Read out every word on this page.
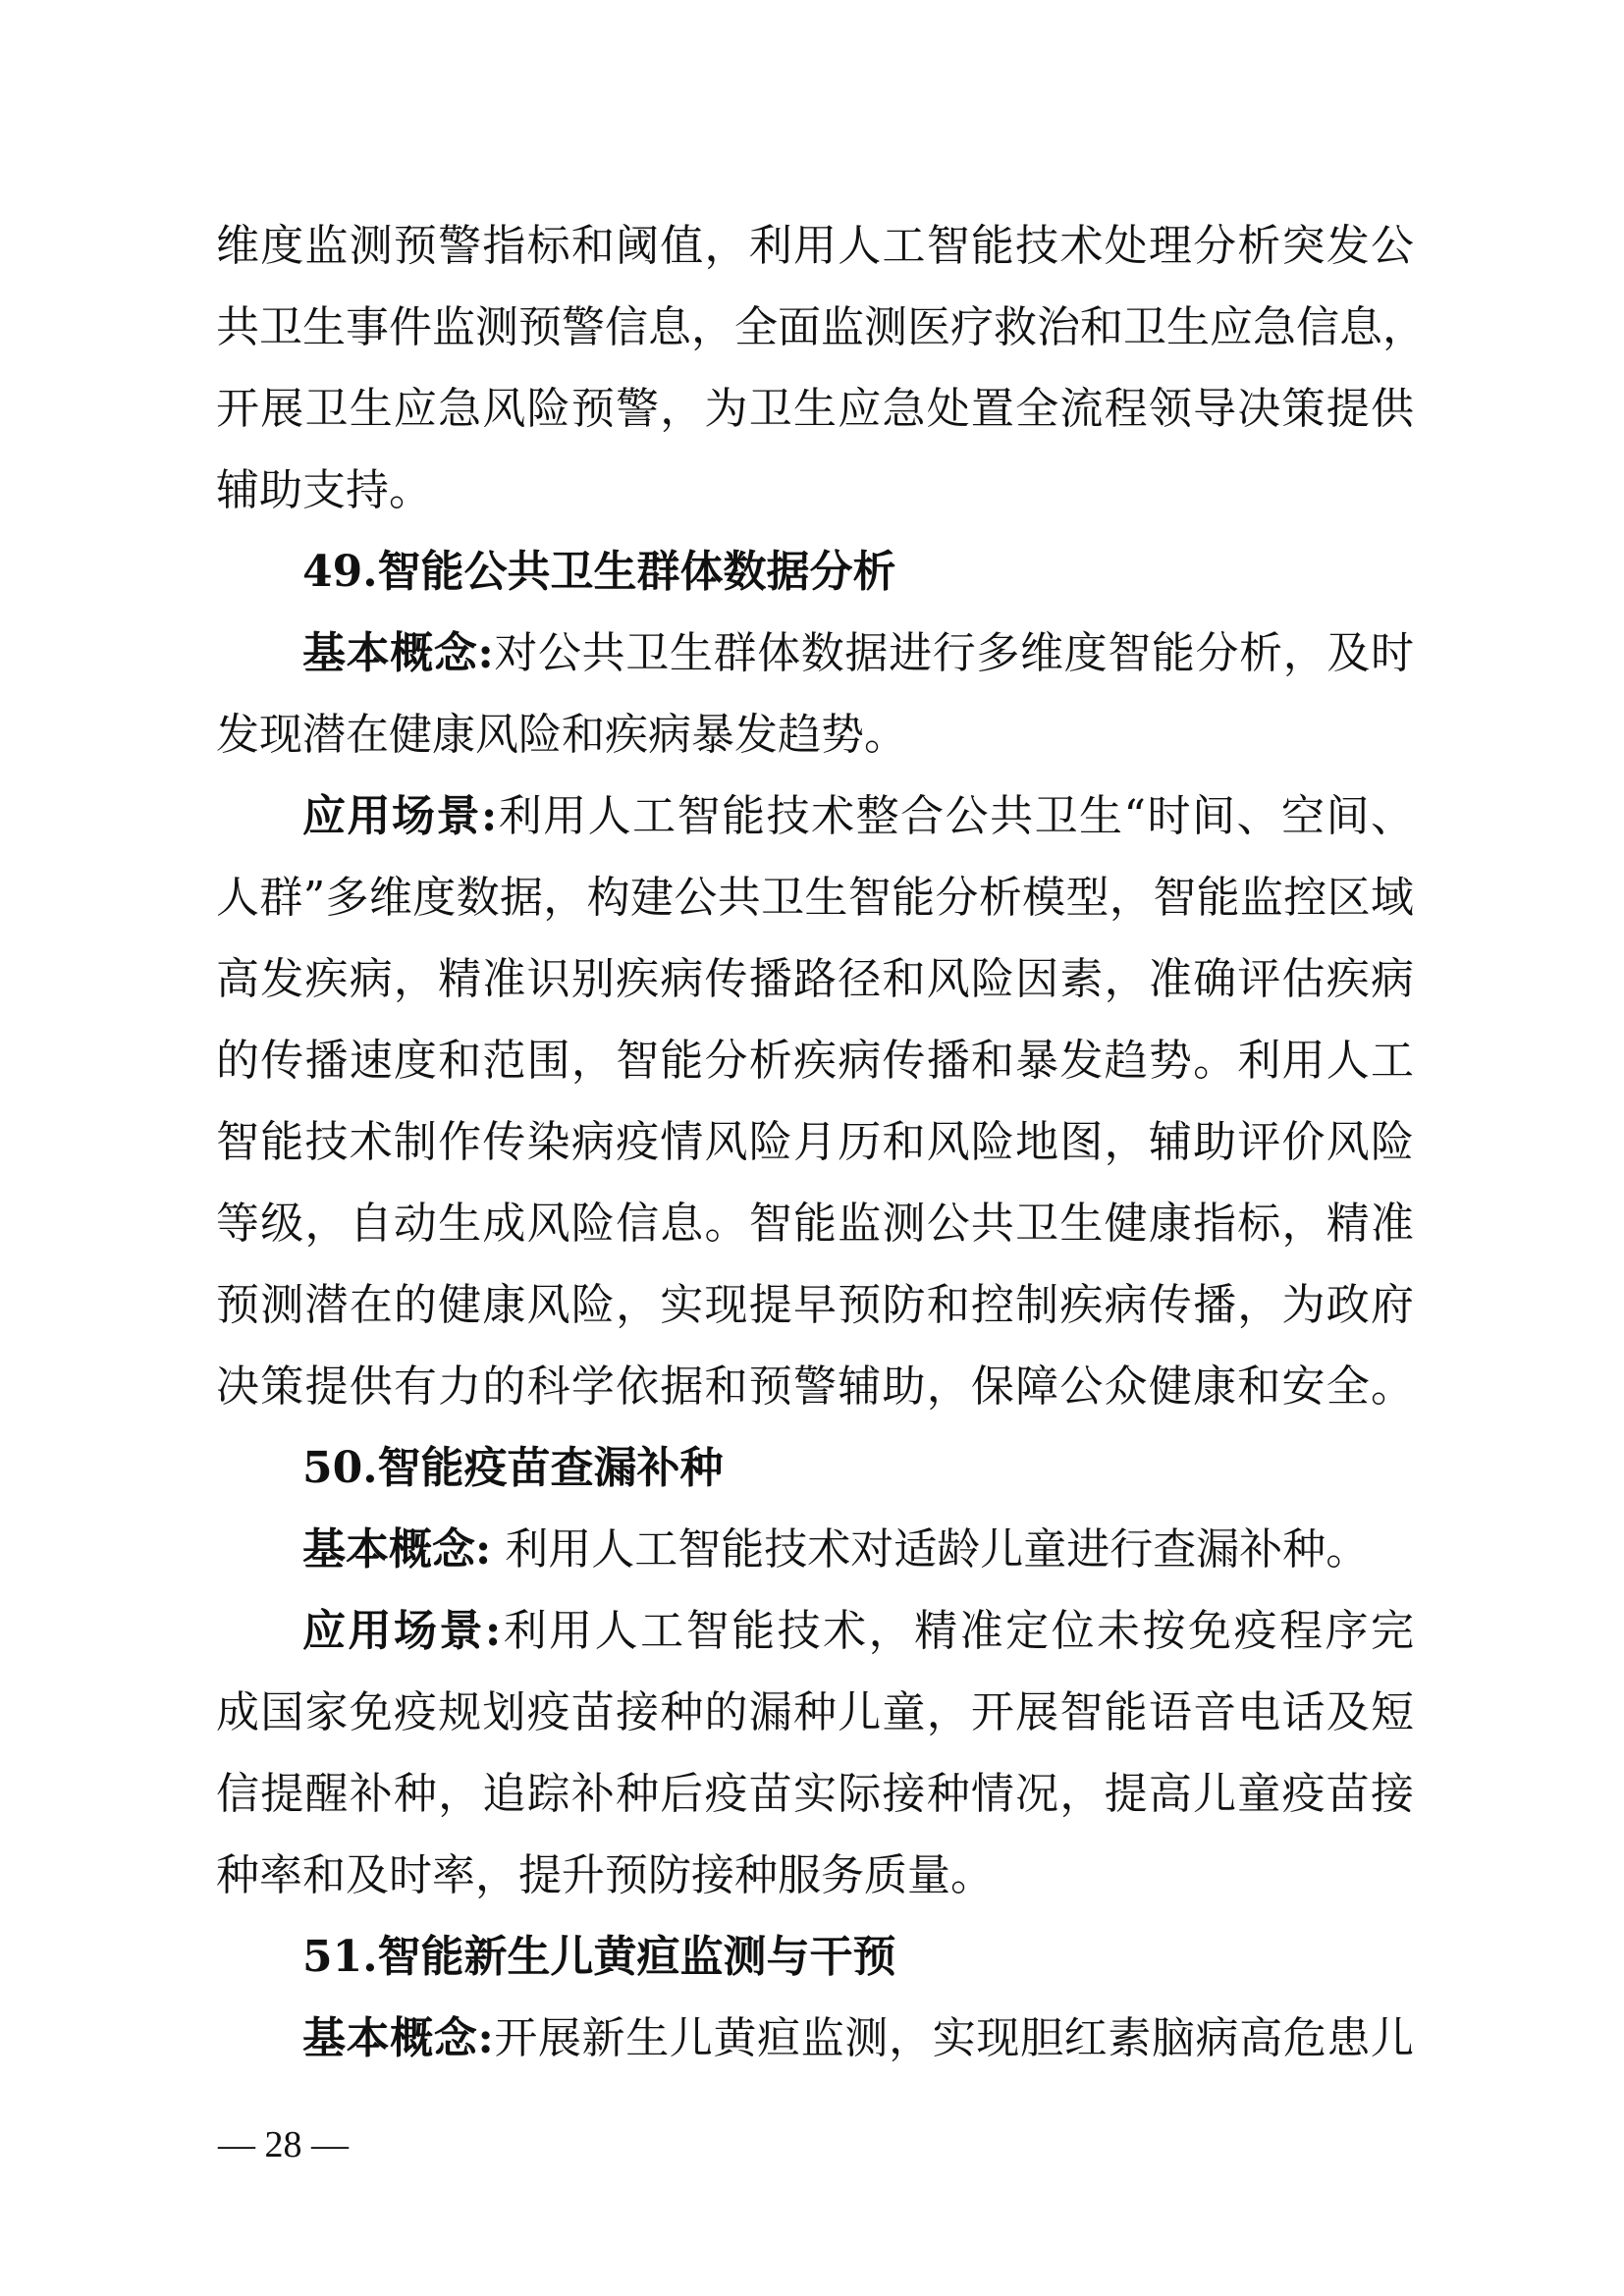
维度监测预警指标和阈值，利用人工智能技术处理分析突发公
共卫生事件监测预警信息，全面监测医疗救治和卫生应急信息，
开展卫生应急风险预警，为卫生应急处置全流程领导决策提供
辅助支持。
49.智能公共卫生群体数据分析
基本概念:对公共卫生群体数据进行多维度智能分析，及时
发现潜在健康风险和疾病暴发趋势。
应用场景:利用人工智能技术整合公共卫生“时间、空间、
人群”多维度数据，构建公共卫生智能分析模型，智能监控区域
高发疾病，精准识别疾病传播路径和风险因素，准确评估疾病
的传播速度和范围，智能分析疾病传播和暴发趋势。利用人工
智能技术制作传染病疫情风险月历和风险地图，辅助评价风险
等级，自动生成风险信息。智能监测公共卫生健康指标，精准
预测潜在的健康风险，实现提早预防和控制疾病传播，为政府
决策提供有力的科学依据和预警辅助，保障公众健康和安全。
50.智能疫苗查漏补种
基本概念: 利用人工智能技术对适龄儿童进行查漏补种。
应用场景:利用人工智能技术，精准定位未按免疫程序完
成国家免疫规划疫苗接种的漏种儿童，开展智能语音电话及短
信提醒补种，追踪补种后疫苗实际接种情况，提高儿童疫苗接
种率和及时率，提升预防接种服务质量。
51.智能新生儿黄疸监测与干预
基本概念:开展新生儿黄疸监测，实现胆红素脑病高危患儿
— 28 —
